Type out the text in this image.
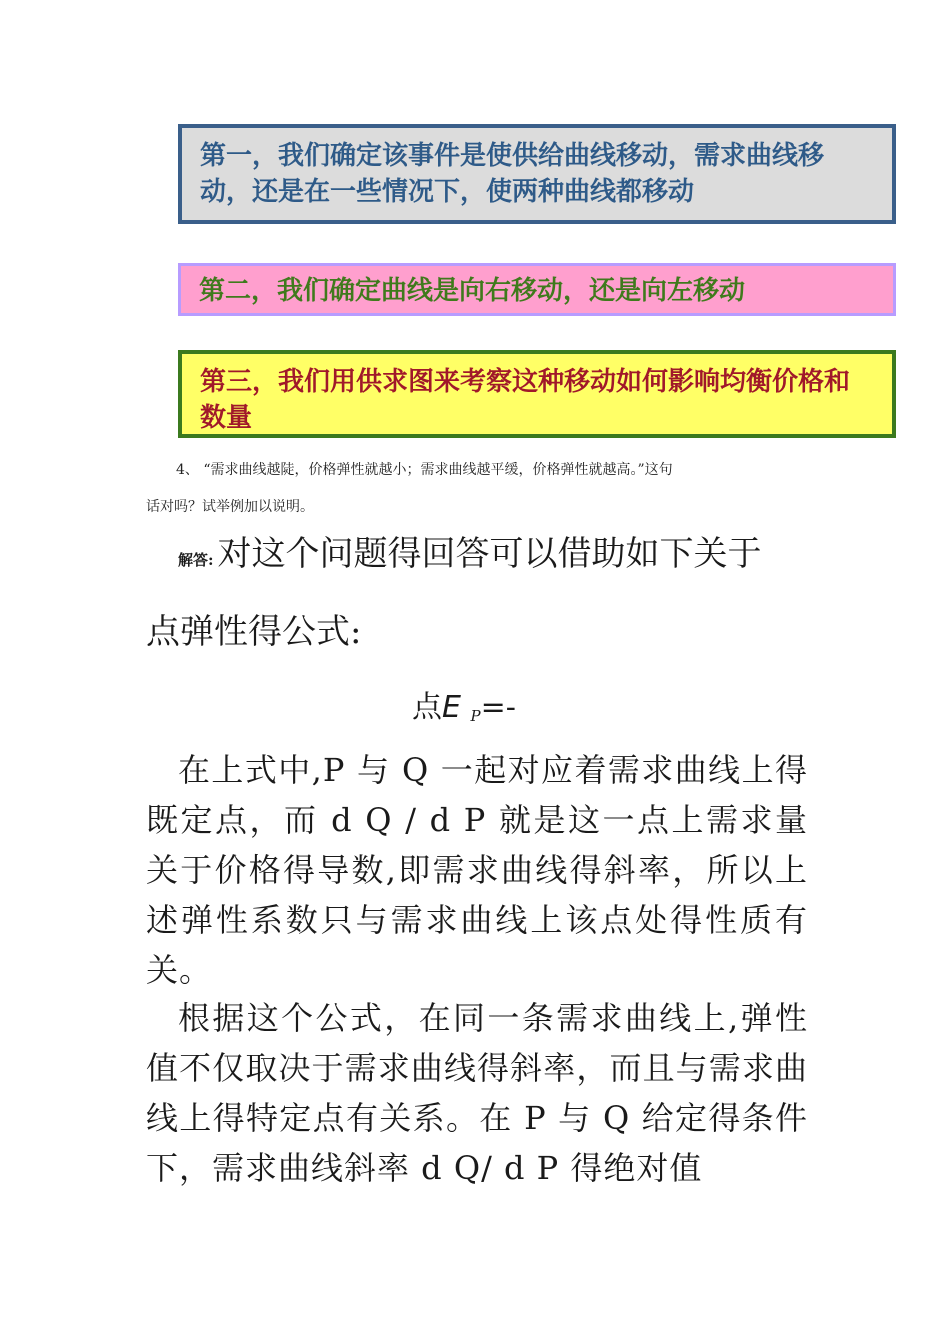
第一，我们确定该事件是使供给曲线移动，需求曲线移动，还是在一些情况下，使两种曲线都移动
第二，我们确定曲线是向右移动，还是向左移动
第三，我们用供求图来考察这种移动如何影响均衡价格和数量
4、 “需求曲线越陡，价格弹性就越小；需求曲线越平缓，价格弹性就越高。”这句
话对吗？试举例加以说明。
解答: 对这个问题得回答可以借助如下关于
点弹性得公式:
点E $_P$=-

在上式中,P 与 Q 一起对应着需求曲线上得既定点，而 d Q / d P 就是这一点上需求量关于价格得导数,即需求曲线得斜率，所以上述弹性系数只与需求曲线上该点处得性质有关。

根据这个公式，在同一条需求曲线上,弹性值不仅取决于需求曲线得斜率，而且与需求曲线上得特定点有关系。在 P 与 Q 给定得条件下，需求曲线斜率 d Q/ d P 得绝对值
